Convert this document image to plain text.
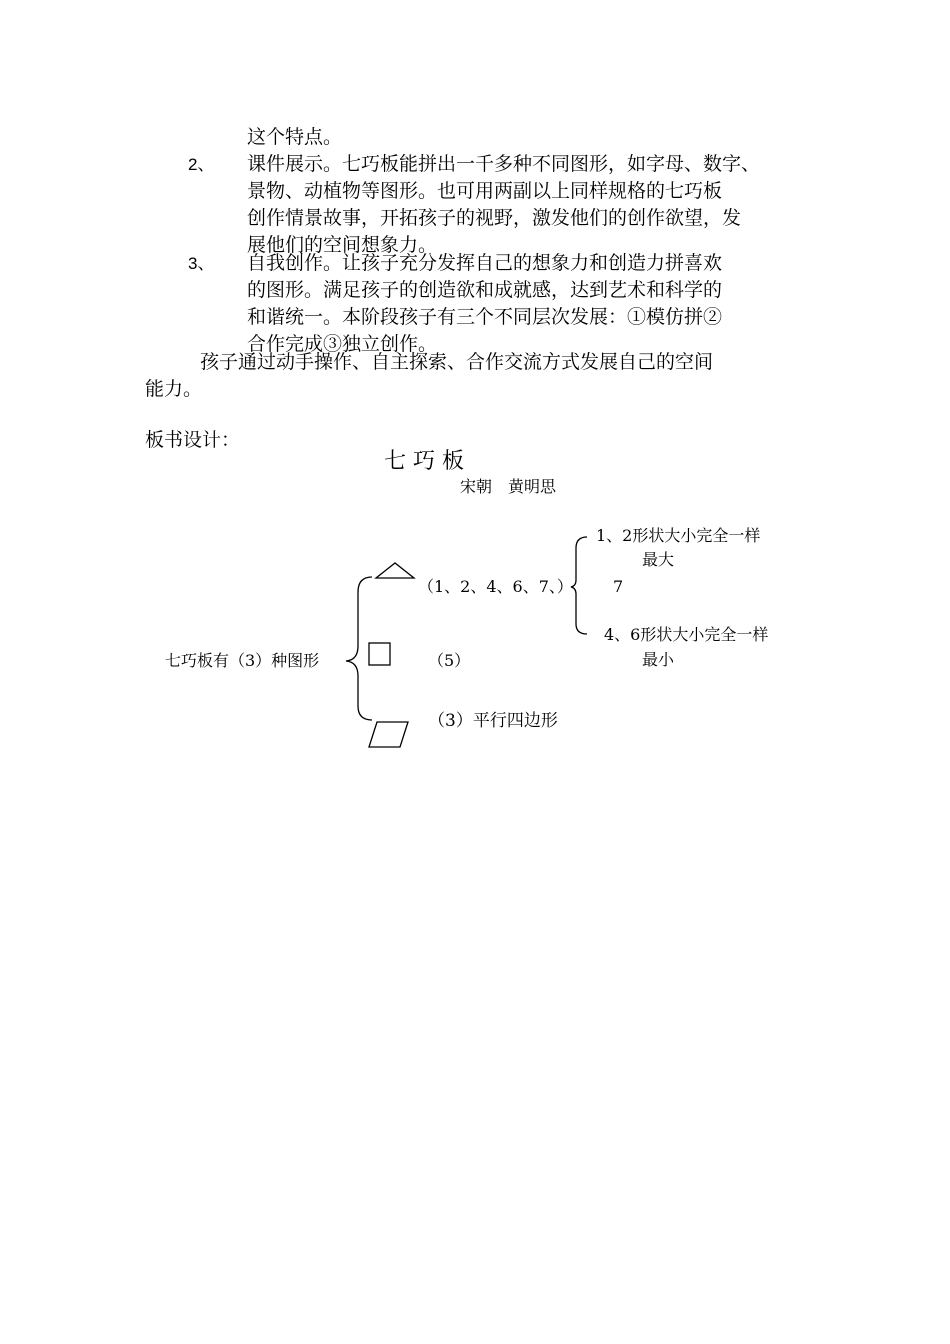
这个特点。
2、 课件展示。七巧板能拼出一千多种不同图形，如字母、数字、
景物、动植物等图形。也可用两副以上同样规格的七巧板
创作情景故事，开拓孩子的视野，激发他们的创作欲望，发
展他们的空间想象力。
3、 自我创作。让孩子充分发挥自己的想象力和创造力拼喜欢
的图形。满足孩子的创造欲和成就感，达到艺术和科学的
和谐统一。本阶段孩子有三个不同层次发展：①模仿拼②
合作完成③独立创作。
孩子通过动手操作、自主探索、合作交流方式发展自己的空间
能力。
板书设计：
七 巧 板
宋朝　黄明思
七巧板有（3）种图形
（1、2、4、6、7、）	7
（5）
（3）平行四边形
1、2形状大小完全一样
最大
4、6形状大小完全一样
最小
